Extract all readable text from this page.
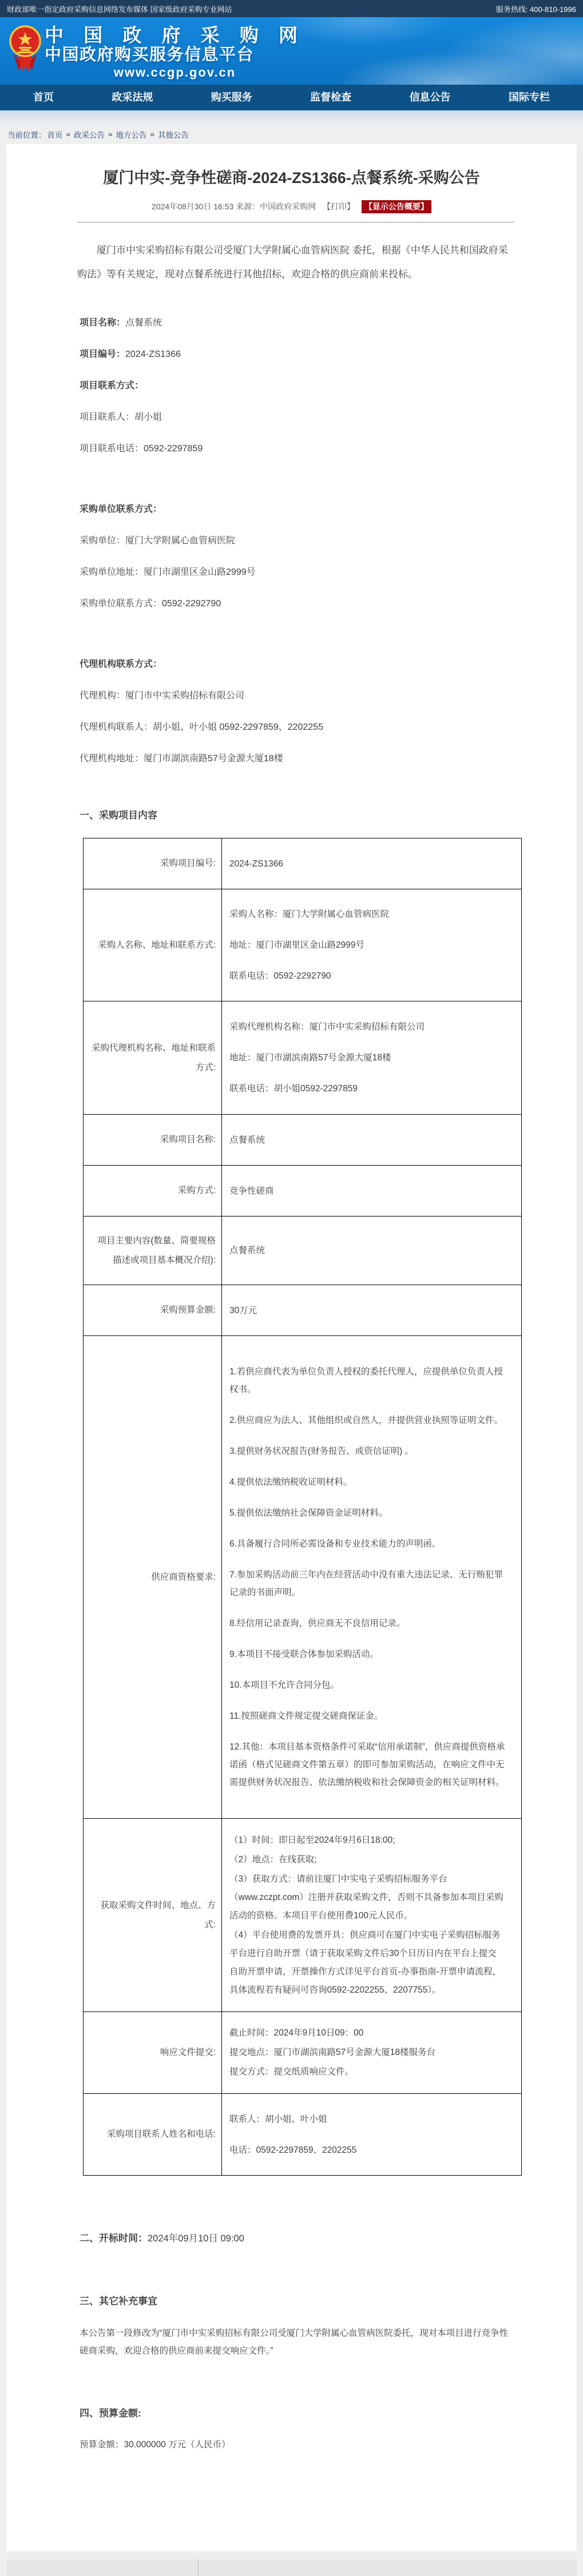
财政部唯一指定政府采购信息网络发布媒体 国家级政府采购专业网站	服务热线: 400-810-1996
中 国 政 府 采 购 网
中国政府购买服务信息平台
www.ccgp.gov.cn
首页	政采法规	购买服务	监督检查	信息公告	国际专栏
当前位置： 首页 » 政采公告 » 地方公告 » 其他公告
厦门中实-竞争性磋商-2024-ZS1366-点餐系统-采购公告
2024年08月30日 16:53 来源：中国政府采购网 【打印】 【显示公告概要】

厦门市中实采购招标有限公司受厦门大学附属心血管病医院 委托，根据《中华人民共和国政府采购法》等有关规定，现对点餐系统进行其他招标，欢迎合格的供应商前来投标。

项目名称：点餐系统
项目编号：2024-ZS1366
项目联系方式：
项目联系人：胡小姐
项目联系电话：0592-2297859
采购单位联系方式：
采购单位：厦门大学附属心血管病医院
采购单位地址：厦门市湖里区金山路2999号
采购单位联系方式：0592-2292790
代理机构联系方式：
代理机构：厦门市中实采购招标有限公司
代理机构联系人：胡小姐、叶小姐 0592-2297859、2202255
代理机构地址：厦门市湖滨南路57号金源大厦18楼
一、采购项目内容
采购项目编号:	2024-ZS1366

采购人名称、地址和联系方式:	采购人名称：厦门大学附属心血管病医院

地址：厦门市湖里区金山路2999号

联系电话：0592-2292790

采购代理机构名称、地址和联系方式:	采购代理机构名称：厦门市中实采购招标有限公司

地址：厦门市湖滨南路57号金源大厦18楼

联系电话：胡小姐0592-2297859

采购项目名称:	点餐系统

采购方式:	竞争性磋商

项目主要内容(数量、简要规格描述或项目基本概况介绍):	点餐系统

采购预算金额:	30万元

供应商资格要求:	

1.若供应商代表为单位负责人授权的委托代理人，应提供单位负责人授权书。

2.供应商应为法人、其他组织或自然人，并提供营业执照等证明文件。

3.提供财务状况报告(财务报告、或资信证明) 。

4.提供依法缴纳税收证明材料。

5.提供依法缴纳社会保障资金证明材料。

6.具备履行合同所必需设备和专业技术能力的声明函。

7.参加采购活动前三年内在经营活动中没有重大违法记录、无行贿犯罪记录的书面声明。

8.经信用记录查询，供应商无不良信用记录。

9.本项目不接受联合体参加采购活动。

10.本项目不允许合同分包。

11.按照磋商文件规定提交磋商保证金。

12.其他：本项目基本资格条件可采取“信用承诺制”，供应商提供资格承诺函（格式见磋商文件第五章）的即可参加采购活动，在响应文件中无需提供财务状况报告、依法缴纳税收和社会保障资金的相关证明材料。

获取采购文件时间、地点、方式:	（1）时间：即日起至2024年9月6日18:00;

（2）地点：在线获取;

（3）获取方式：请前往厦门中实电子采购招标服务平台（www.zczpt.com）注册并获取采购文件，否则不具备参加本项目采购活动的资格。本项目平台使用费100元人民币。

（4）平台使用费的发票开具：供应商可在厦门中实电子采购招标服务平台进行自助开票（请于获取采购文件后30个日历日内在平台上提交自助开票申请，开票操作方式详见平台首页-办事指南-开票申请流程，具体流程若有疑问可咨询0592-2202255、2207755）。

响应文件提交:	截止时间：2024年9月10日09：00

提交地点：厦门市湖滨南路57号金源大厦18楼服务台

提交方式：提交纸质响应文件。

采购项目联系人姓名和电话:	联系人：胡小姐、叶小姐

电话：0592-2297859、2202255

二、开标时间：2024年09月10日 09:00
三、其它补充事宜

本公告第一段修改为“厦门市中实采购招标有限公司受厦门大学附属心血管病医院委托，现对本项目进行竞争性磋商采购，欢迎合格的供应商前来提交响应文件。”

四、预算金额:

预算金额：30.000000 万元（人民币）
